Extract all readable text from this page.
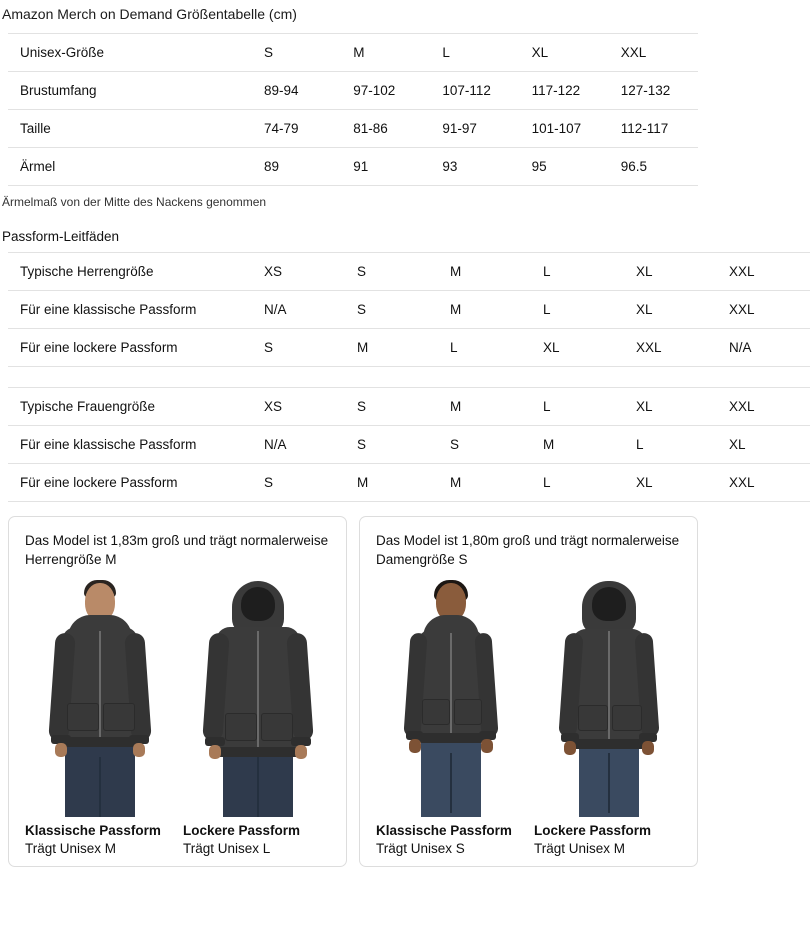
Amazon Merch on Demand Größentabelle (cm)
Unisex-Größe	S	M	L	XL	XXL
Brustumfang	89-94	97-102	107-112	117-122	127-132
Taille	74-79	81-86	91-97	101-107	112-117
Ärmel	89	91	93	95	96.5
Ärmelmaß von der Mitte des Nackens genommen
Passform-Leitfäden
Typische Herrengröße	XS	S	M	L	XL	XXL
Für eine klassische Passform	N/A	S	M	L	XL	XXL
Für eine lockere Passform	S	M	L	XL	XXL	N/A
Typische Frauengröße	XS	S	M	L	XL	XXL
Für eine klassische Passform	N/A	S	S	M	L	XL
Für eine lockere Passform	S	M	M	L	XL	XXL
Das Model ist 1,83m groß und trägt normalerweise Herrengröße M
Klassische Passform
Trägt Unisex M
Lockere Passform
Trägt Unisex L
Das Model ist 1,80m groß und trägt normalerweise Damengröße S
Klassische Passform
Trägt Unisex S
Lockere Passform
Trägt Unisex M
